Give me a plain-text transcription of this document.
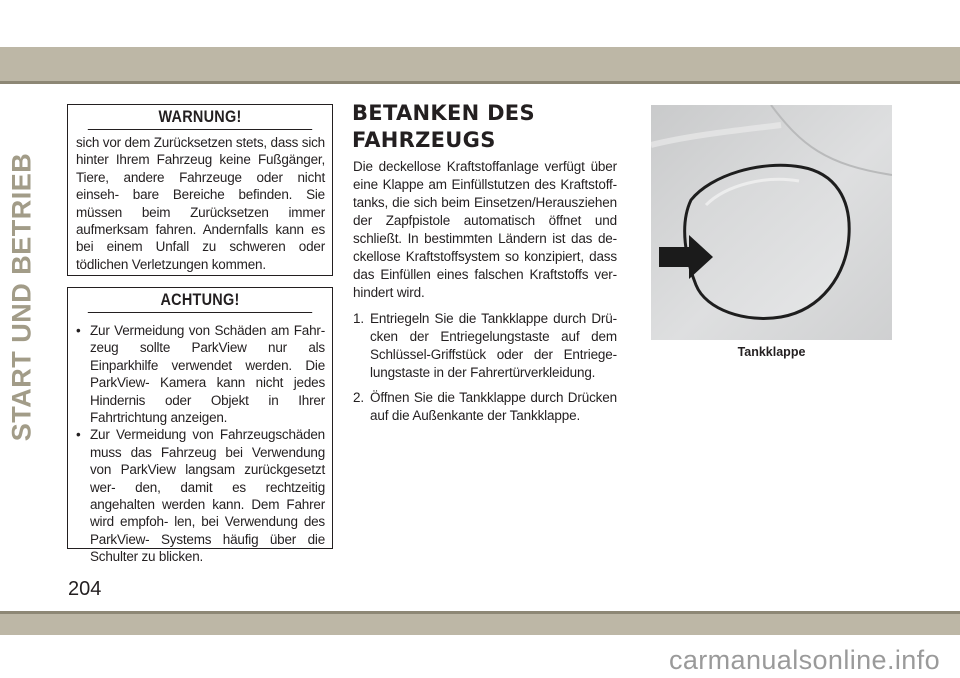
START UND BETRIEB
WARNUNG!
sich vor dem Zurücksetzen stets, dass sich hinter Ihrem Fahrzeug keine Fußgänger, Tiere, andere Fahrzeuge oder nicht einseh- bare Bereiche befinden. Sie müssen beim Zurücksetzen immer aufmerksam fahren. Andernfalls kann es bei einem Unfall zu schweren oder tödlichen Verletzungen kommen.
ACHTUNG!
• Zur Vermeidung von Schäden am Fahr- zeug sollte ParkView nur als Einparkhilfe verwendet werden. Die ParkView- Kamera kann nicht jedes Hindernis oder Objekt in Ihrer Fahrtrichtung anzeigen.
• Zur Vermeidung von Fahrzeugschäden muss das Fahrzeug bei Verwendung von ParkView langsam zurückgesetzt wer- den, damit es rechtzeitig angehalten werden kann. Dem Fahrer wird empfoh- len, bei Verwendung des ParkView- Systems häufig über die Schulter zu blicken.
BETANKEN DES FAHRZEUGS

Die deckellose Kraftstoffanlage verfügt über eine Klappe am Einfüllstutzen des Kraftstoff- tanks, die sich beim Einsetzen/Herausziehen der Zapfpistole automatisch öffnet und schließt. In bestimmten Ländern ist das de- ckellose Kraftstoffsystem so konzipiert, dass das Einfüllen eines falschen Kraftstoffs ver- hindert wird.

1. Entriegeln Sie die Tankklappe durch Drü- cken der Entriegelungstaste auf dem Schlüssel-Griffstück oder der Entriege- lungstaste in der Fahrertürverkleidung.
2. Öffnen Sie die Tankklappe durch Drücken auf die Außenkante der Tankklappe.
Tankklappe
204
carmanualsonline.info
